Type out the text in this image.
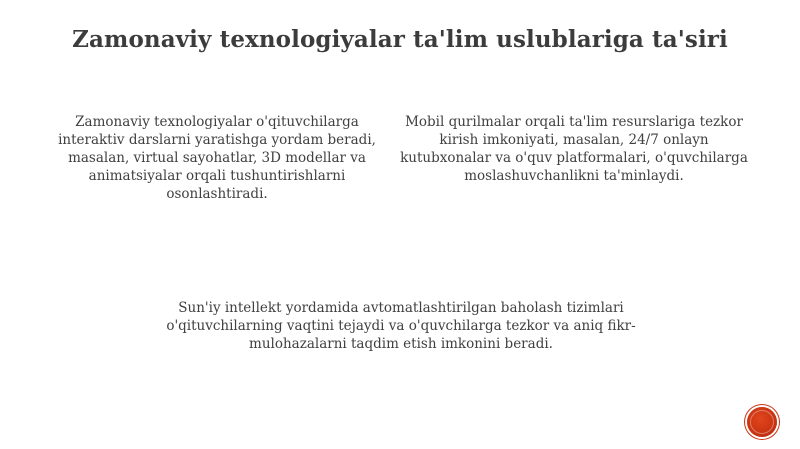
Zamonaviy texnologiyalar ta'lim uslublariga ta'siri
Zamonaviy texnologiyalar o'qituvchilarga interaktiv darslarni yaratishga yordam beradi, masalan, virtual sayohatlar, 3D modellar va animatsiyalar orqali tushuntirishlarni osonlashtiradi.
Mobil qurilmalar orqali ta'lim resurslariga tezkor kirish imkoniyati, masalan, 24/7 onlayn kutubxonalar va o'quv platformalari, o'quvchilarga moslashuvchanlikni ta'minlaydi.
Sun'iy intellekt yordamida avtomatlashtirilgan baholash tizimlari o'qituvchilarning vaqtini tejaydi va o'quvchilarga tezkor va aniq fikr-mulohazalarni taqdim etish imkonini beradi.
